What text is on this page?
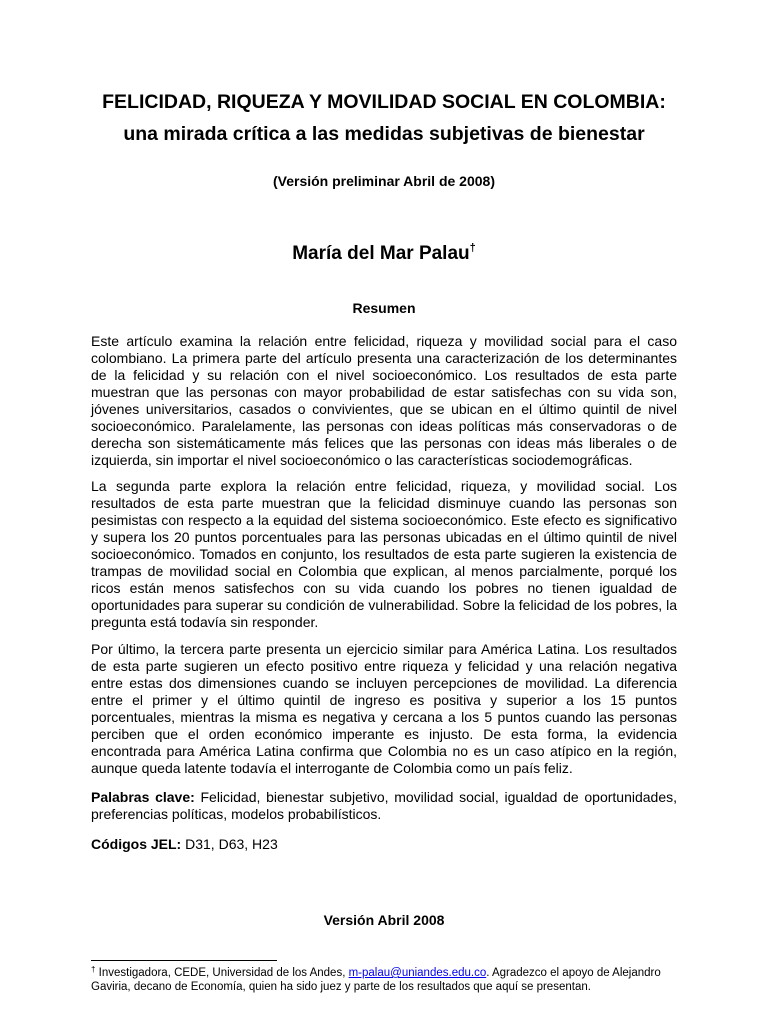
FELICIDAD, RIQUEZA Y MOVILIDAD SOCIAL EN COLOMBIA:
una mirada crítica a las medidas subjetivas de bienestar
(Versión preliminar Abril de 2008)
María del Mar Palau†
Resumen
Este artículo examina la relación entre felicidad, riqueza y movilidad social para el caso colombiano. La primera parte del artículo presenta una caracterización de los determinantes de la felicidad y su relación con el nivel socioeconómico. Los resultados de esta parte muestran que las personas con mayor probabilidad de estar satisfechas con su vida son, jóvenes universitarios, casados o convivientes, que se ubican en el último quintil de nivel socioeconómico. Paralelamente, las personas con ideas políticas más conservadoras o de derecha son sistemáticamente más felices que las personas con ideas más liberales o de izquierda, sin importar el nivel socioeconómico o las características sociodemográficas.
La segunda parte explora la relación entre felicidad, riqueza, y movilidad social. Los resultados de esta parte muestran que la felicidad disminuye cuando las personas son pesimistas con respecto a la equidad del sistema socioeconómico. Este efecto es significativo y supera los 20 puntos porcentuales para las personas ubicadas en el último quintil de nivel socioeconómico. Tomados en conjunto, los resultados de esta parte sugieren la existencia de trampas de movilidad social en Colombia que explican, al menos parcialmente, porqué los ricos están menos satisfechos con su vida cuando los pobres no tienen igualdad de oportunidades para superar su condición de vulnerabilidad. Sobre la felicidad de los pobres, la pregunta está todavía sin responder.
Por último, la tercera parte presenta un ejercicio similar para América Latina. Los resultados de esta parte sugieren un efecto positivo entre riqueza y felicidad y una relación negativa entre estas dos dimensiones cuando se incluyen percepciones de movilidad. La diferencia entre el primer y el último quintil de ingreso es positiva y superior a los 15 puntos porcentuales, mientras la misma es negativa y cercana a los 5 puntos cuando las personas perciben que el orden económico imperante es injusto. De esta forma, la evidencia encontrada para América Latina confirma que Colombia no es un caso atípico en la región, aunque queda latente todavía el interrogante de Colombia como un país feliz.
Palabras clave: Felicidad, bienestar subjetivo, movilidad social, igualdad de oportunidades, preferencias políticas, modelos probabilísticos.
Códigos JEL: D31, D63, H23
Versión Abril 2008
† Investigadora, CEDE, Universidad de los Andes, m-palau@uniandes.edu.co. Agradezco el apoyo de Alejandro Gaviria, decano de Economía, quien ha sido juez y parte de los resultados que aquí se presentan.
